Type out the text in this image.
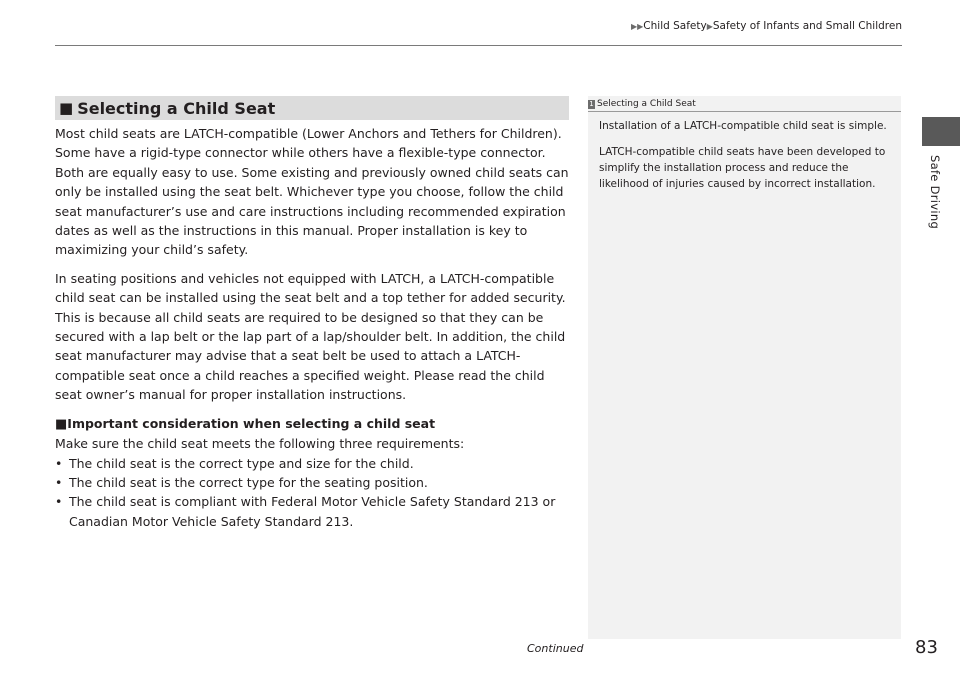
▶▶Child Safety▶Safety of Infants and Small Children
Safe Driving
■ Selecting a Child Seat

Most child seats are LATCH-compatible (Lower Anchors and Tethers for Children). Some have a rigid-type connector while others have a flexible-type connector. Both are equally easy to use. Some existing and previously owned child seats can only be installed using the seat belt. Whichever type you choose, follow the child seat manufacturer’s use and care instructions including recommended expiration dates as well as the instructions in this manual. Proper installation is key to maximizing your child’s safety.

In seating positions and vehicles not equipped with LATCH, a LATCH-compatible child seat can be installed using the seat belt and a top tether for added security. This is because all child seats are required to be designed so that they can be secured with a lap belt or the lap part of a lap/shoulder belt. In addition, the child seat manufacturer may advise that a seat belt be used to attach a LATCH-compatible seat once a child reaches a specified weight. Please read the child seat owner’s manual for proper installation instructions.

■Important consideration when selecting a child seat

Make sure the child seat meets the following three requirements:

• The child seat is the correct type and size for the child.
• The child seat is the correct type for the seating position.
• The child seat is compliant with Federal Motor Vehicle Safety Standard 213 or Canadian Motor Vehicle Safety Standard 213.
1 Selecting a Child Seat

Installation of a LATCH-compatible child seat is simple.

LATCH-compatible child seats have been developed to simplify the installation process and reduce the likelihood of injuries caused by incorrect installation.

Continued	83
